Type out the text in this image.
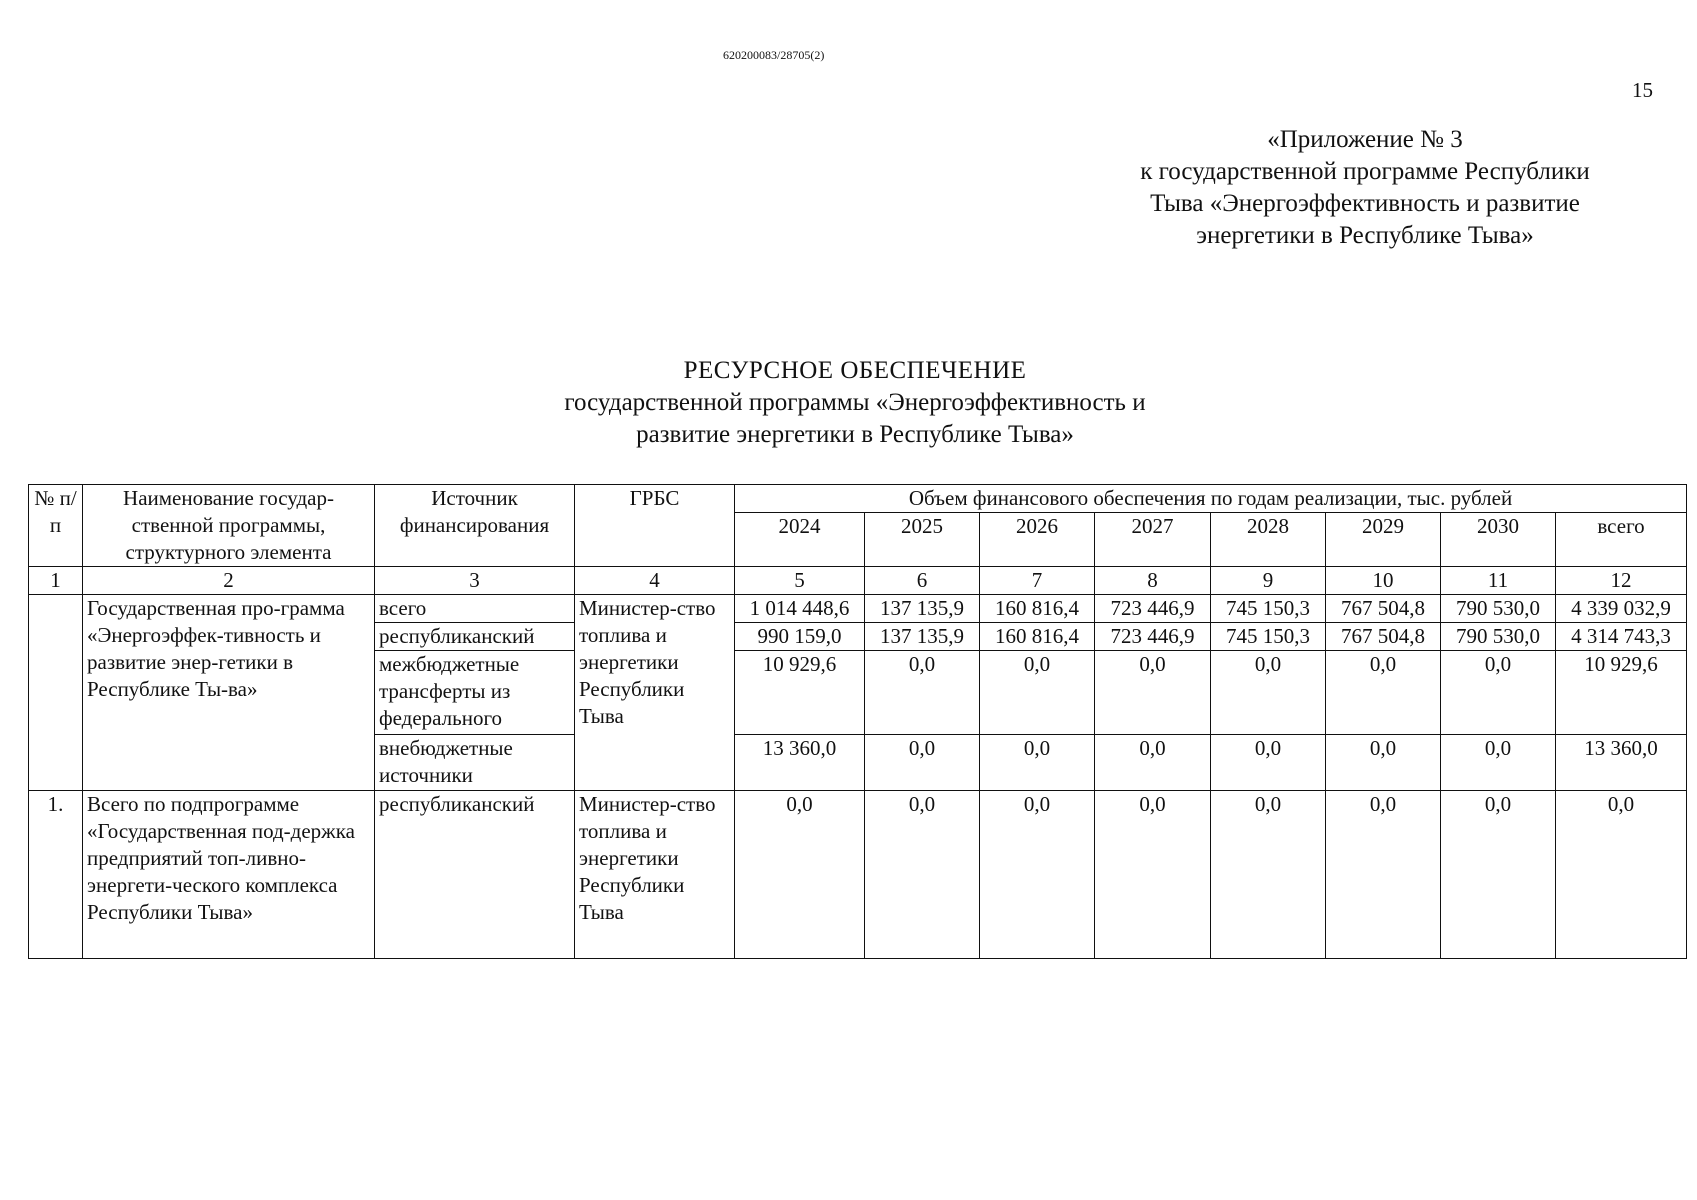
620200083/28705(2)
15
«Приложение № 3
к государственной программе Республики
Тыва «Энергоэффективность и развитие
энергетики в Республике Тыва»
РЕСУРСНОЕ ОБЕСПЕЧЕНИЕ
государственной программы «Энергоэффективность и
развитие энергетики в Республике Тыва»
№ п/п	Наименование государ-ственной программы, структурного элемента	Источник финансирования	ГРБС	Объем финансового обеспечения по годам реализации, тыс. рублей							
				2024	2025	2026	2027	2028	2029	2030	всего
1	2	3	4	5	6	7	8	9	10	11	12
	Государственная про-грамма «Энергоэффек-тивность и развитие энер-гетики в Республике Ты-ва»	всего	Министер-ство топлива и энергетики Республики Тыва	1 014 448,6	137 135,9	160 816,4	723 446,9	745 150,3	767 504,8	790 530,0	4 339 032,9
		республиканский		990 159,0	137 135,9	160 816,4	723 446,9	745 150,3	767 504,8	790 530,0	4 314 743,3
		межбюджетные трансферты из федерального		10 929,6	0,0	0,0	0,0	0,0	0,0	0,0	10 929,6
		внебюджетные источники		13 360,0	0,0	0,0	0,0	0,0	0,0	0,0	13 360,0
1.	Всего по подпрограмме «Государственная под-держка предприятий топ-ливно-энергети-ческого комплекса Республики Тыва»	республиканский	Министер-ство топлива и энергетики Республики Тыва	0,0	0,0	0,0	0,0	0,0	0,0	0,0	0,0
